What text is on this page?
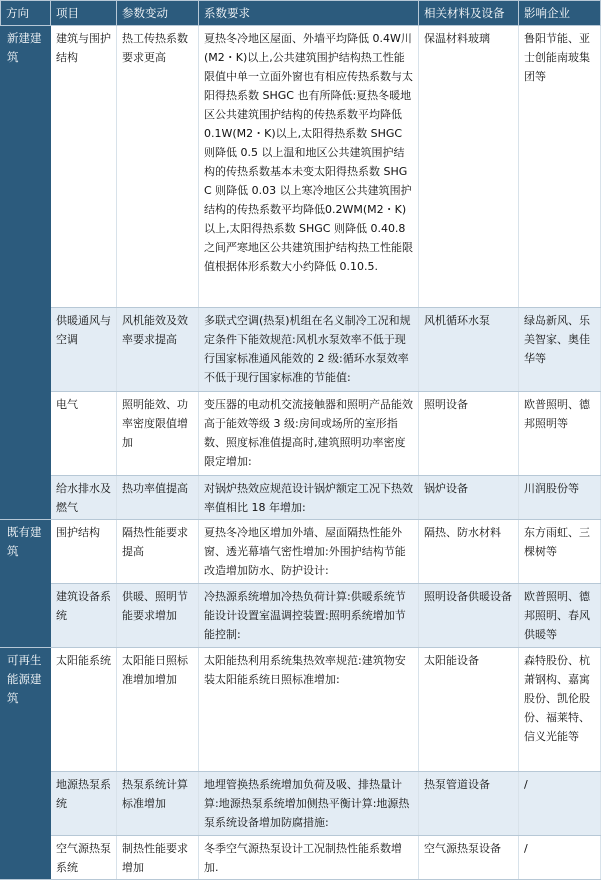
方向	项目	参数变动	系数要求	相关材料及设备	影响企业

新建建筑	建筑与围护结构	热工传热系数要求更高	夏热冬冷地区屋面、外墙平均降低 0.4W川(M2・K)以上,公共建筑围护结构热工性能限值中单一立面外窗也有相应传热系数与太阳得热系数 SHGC 也有所降低:夏热冬暖地区公共建筑围护结构的传热系数平均降低 0.1W(M2・K)以上,太阳得热系数 SHGC 则降低 0.5 以上温和地区公共建筑围护结构的传热系数基本未变太阳得热系数 SHGC 则降低 0.03 以上寒冷地区公共建筑围护结构的传热系数平均降低0.2WM(M2・K)以上,太阳得热系数 SHGC 则降低 0.40.8 之间严寒地区公共建筑围护结构热工性能限值根据体形系数大小约降低 0.10.5.	保温材料玻璃	鲁阳节能、亚士创能南玻集团等

	供暖通风与空调	风机能效及效率要求提高	多联式空调(热泵)机组在名义制冷工况和规定条件下能效规范:风机水泵效率不低于现行国家标准通风能效的 2 级:循环水泵效率不低于现行国家标准的节能值:	风机循环水泵	绿岛新风、乐美智家、奥佳华等

	电气	照明能效、功率密度限值增加	变压器的电动机交流接触器和照明产品能效高于能效等级 3 级:房间或场所的室形指数、照度标准值提高时,建筑照明功率密度限定增加:	照明设备	欧普照明、德邦照明等

	给水排水及燃气	热功率值提高	对锅炉热效应规范设计锅炉额定工况下热效率值相比 18 年增加:	锅炉设备	川润股份等

既有建筑	围护结构	隔热性能要求提高	夏热冬冷地区增加外墙、屋面隔热性能外窗、透光幕墙气密性增加:外围护结构节能改造增加防水、防护设计:	隔热、防水材料	东方雨虹、三棵树等

	建筑设备系统	供暖、照明节能要求增加	冷热源系统增加冷热负荷计算:供暖系统节能设计设置室温调控装置:照明系统增加节能控制:	照明设备供暖设备	欧普照明、德邦照明、春风供暖等

可再生能源建筑	太阳能系统	太阳能日照标准增加增加	太阳能热利用系统集热效率规范:建筑物安装太阳能系统日照标准增加:	太阳能设备	森特股份、杭萧钢构、嘉寓股份、凯伦股份、福莱特、信义光能等

	地源热泵系统	热泵系统计算标准增加	地埋管换热系统增加负荷及吸、排热量计算:地源热泵系统增加侧热平衡计算:地源热泵系统设备增加防腐措施:	热泵管道设备	/

	空气源热泵系统	制热性能要求增加	冬季空气源热泵设计工况制热性能系数增加.	空气源热泵设备	/
